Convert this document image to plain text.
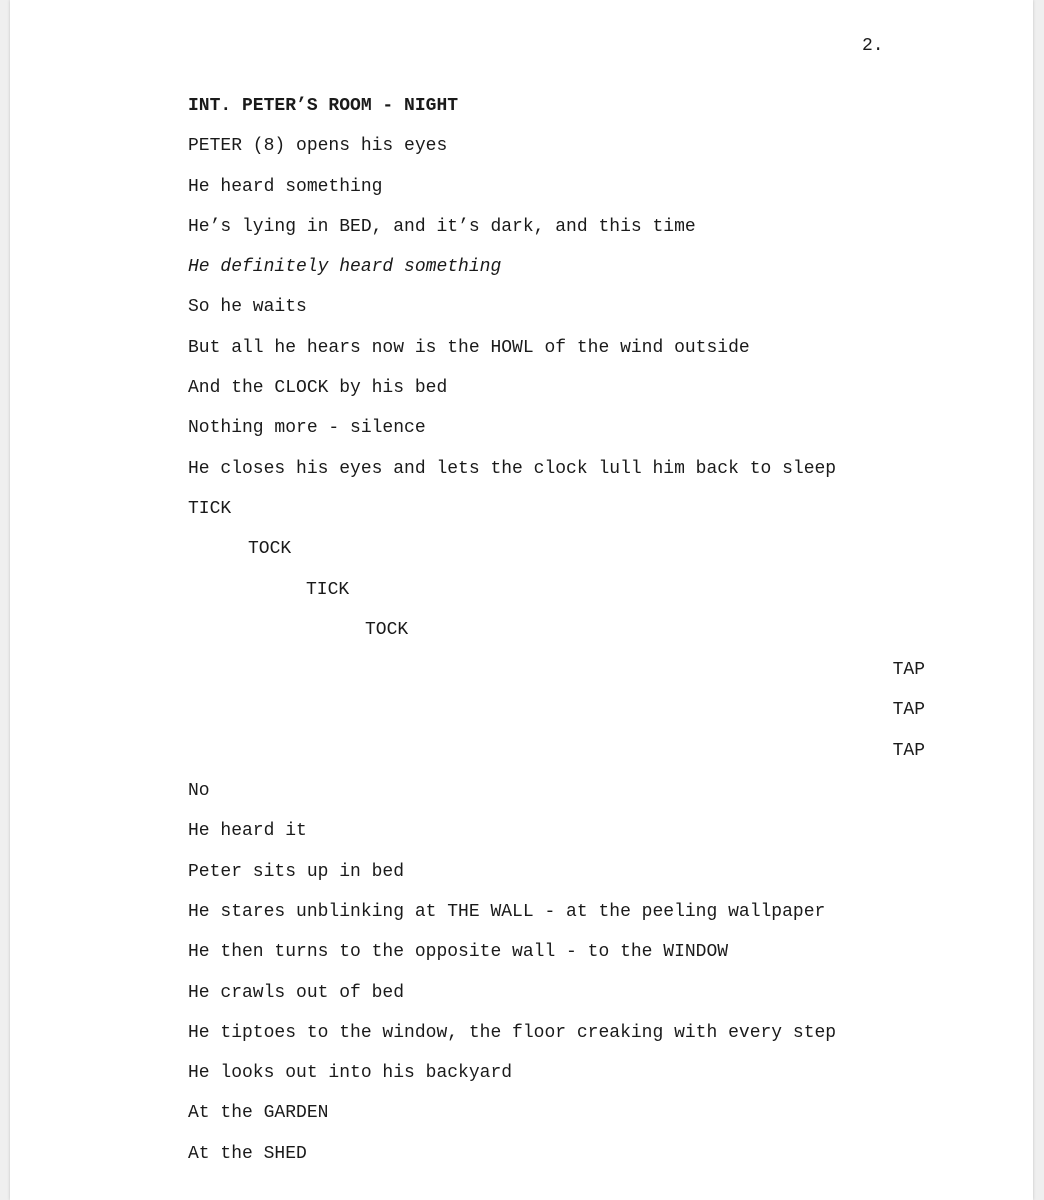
2.
INT. PETER’S ROOM - NIGHT
PETER (8) opens his eyes
He heard something
He’s lying in BED, and it’s dark, and this time
He definitely heard something
So he waits
But all he hears now is the HOWL of the wind outside
And the CLOCK by his bed
Nothing more - silence
He closes his eyes and lets the clock lull him back to sleep
TICK
TOCK
TICK
TOCK
TAP
TAP
TAP
No
He heard it
Peter sits up in bed
He stares unblinking at THE WALL - at the peeling wallpaper
He then turns to the opposite wall - to the WINDOW
He crawls out of bed
He tiptoes to the window, the floor creaking with every step
He looks out into his backyard
At the GARDEN
At the SHED
